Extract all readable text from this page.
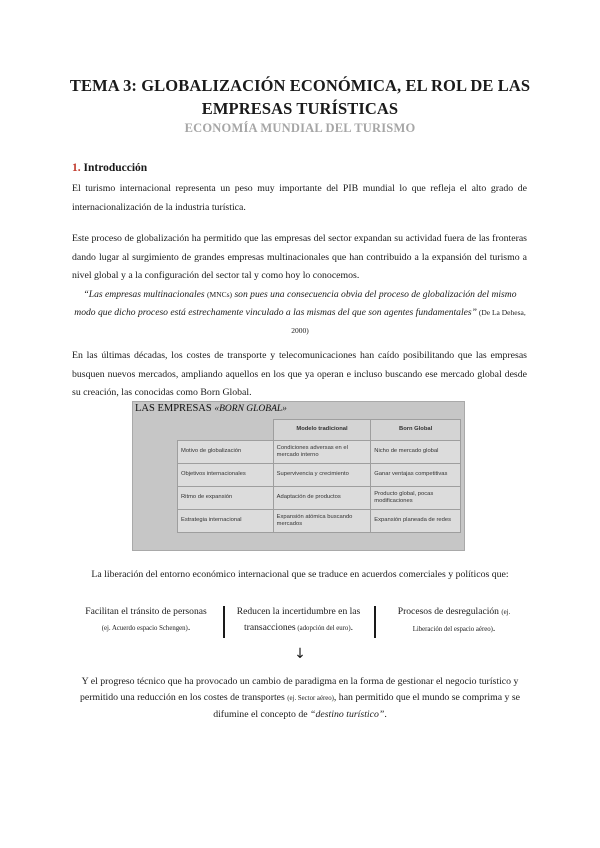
TEMA 3: GLOBALIZACIÓN ECONÓMICA, EL ROL DE LAS
EMPRESAS TURÍSTICAS
ECONOMÍA MUNDIAL DEL TURISMO
1. Introducción
El turismo internacional representa un peso muy importante del PIB mundial lo que refleja el alto grado de internacionalización de la industria turística.
Este proceso de globalización ha permitido que las empresas del sector expandan su actividad fuera de las fronteras dando lugar al surgimiento de grandes empresas multinacionales que han contribuido a la expansión del turismo a nivel global y a la configuración del sector tal y como hoy lo conocemos.
“Las empresas multinacionales (MNCs) son pues una consecuencia obvia del proceso de globalización del mismo modo que dicho proceso está estrechamente vinculado a las mismas del que son agentes fundamentales” (De La Dehesa, 2000)
En las últimas décadas, los costes de transporte y telecomunicaciones han caído posibilitando que las empresas busquen nuevos mercados, ampliando aquellos en los que ya operan e incluso buscando ese mercado global desde su creación, las conocidas como Born Global.
LAS EMPRESAS «BORN GLOBAL»
	Modelo tradicional	Born Global
Motivo de globalización	Condiciones adversas en el mercado interno	Nicho de mercado global
Objetivos internacionales	Supervivencia y crecimiento	Ganar ventajas competitivas
Ritmo de expansión	Adaptación de productos	Producto global, pocas modificaciones
Estrategia internacional	Expansión atómica buscando mercados	Expansión planeada de redes
La liberación del entorno económico internacional que se traduce en acuerdos comerciales y políticos que:
Facilitan el tránsito de personas
(ej. Acuerdo espacio Schengen).
Reducen la incertidumbre en las transacciones (adopción del euro).
Procesos de desregulación (ej.
Liberación del espacio aéreo).
↓
Y el progreso técnico que ha provocado un cambio de paradigma en la forma de gestionar el negocio turístico y permitido una reducción en los costes de transportes (ej. Sector aéreo), han permitido que el mundo se comprima y se difumine el concepto de “destino turístico”.
